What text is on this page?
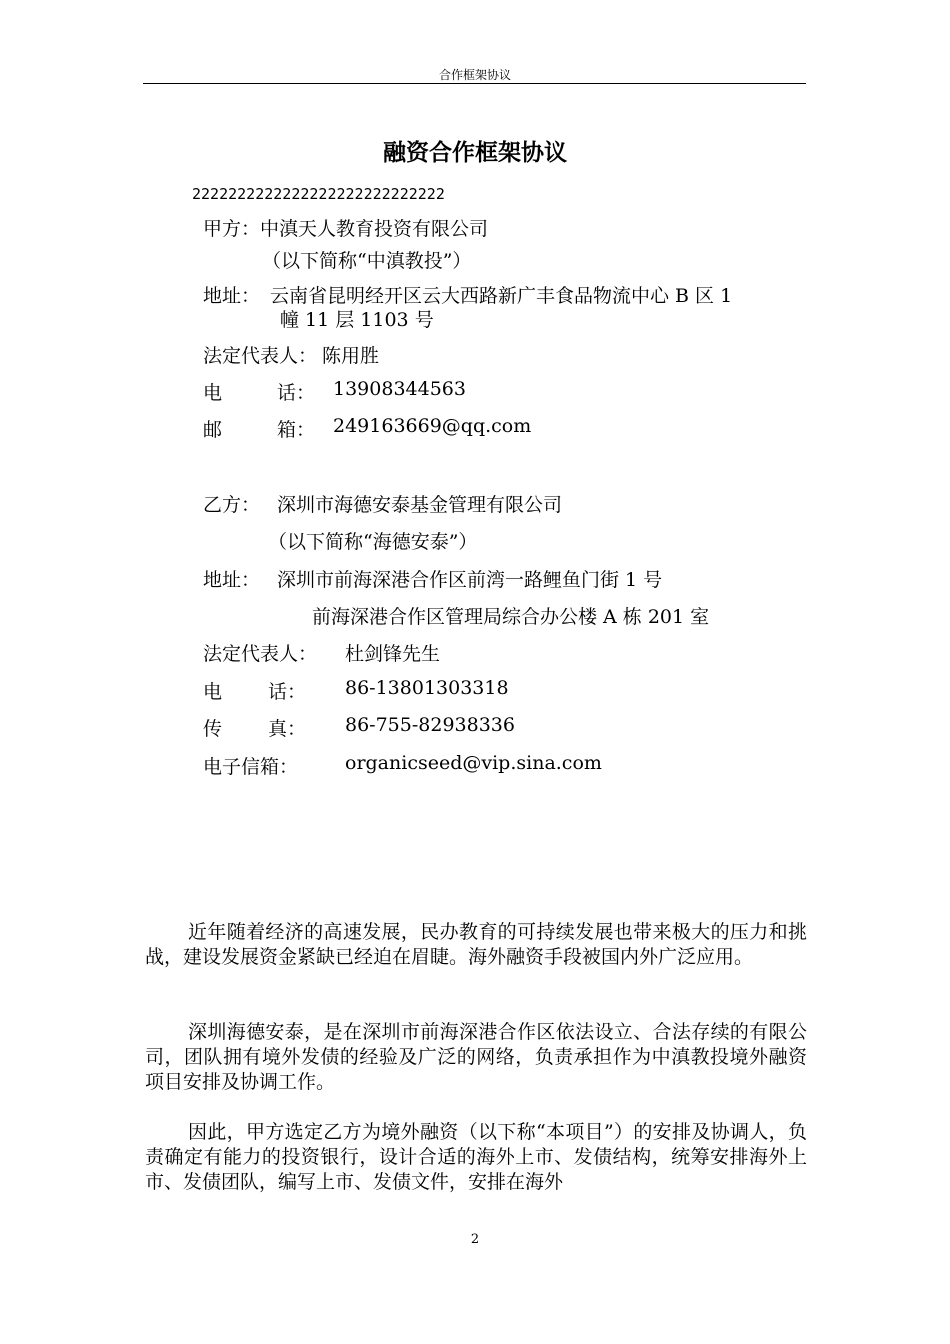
合作框架协议
融资合作框架协议
2222222222222222222222222222
甲方： 中滇天人教育投资有限公司
（以下简称“中滇教投”）
地址： 云南省昆明经开区云大西路新广丰食品物流中心 B 区 1
幢 11 层 1103 号
法定代表人： 陈用胜
电	话： 13908344563
邮	箱： 249163669@qq.com
乙方： 深圳市海德安泰基金管理有限公司
（以下简称“海德安泰”）
地址： 深圳市前海深港合作区前湾一路鲤鱼门街 1 号
前海深港合作区管理局综合办公楼 A 栋 201 室
法定代表人： 杜剑锋先生
电 话： 86-13801303318
传 真： 86-755-82938336
电子信箱： organicseed@vip.sina.com
近年随着经济的高速发展，民办教育的可持续发展也带来极大的压力和挑战，建设发展资金紧缺已经迫在眉睫。海外融资手段被国内外广泛应用。
深圳海德安泰，是在深圳市前海深港合作区依法设立、合法存续的有限公司，团队拥有境外发债的经验及广泛的网络，负责承担作为中滇教投境外融资项目安排及协调工作。
因此，甲方选定乙方为境外融资（以下称“本项目”）的安排及协调人，负责确定有能力的投资银行，设计合适的海外上市、发债结构，统筹安排海外上市、发债团队，编写上市、发债文件，安排在海外
2
